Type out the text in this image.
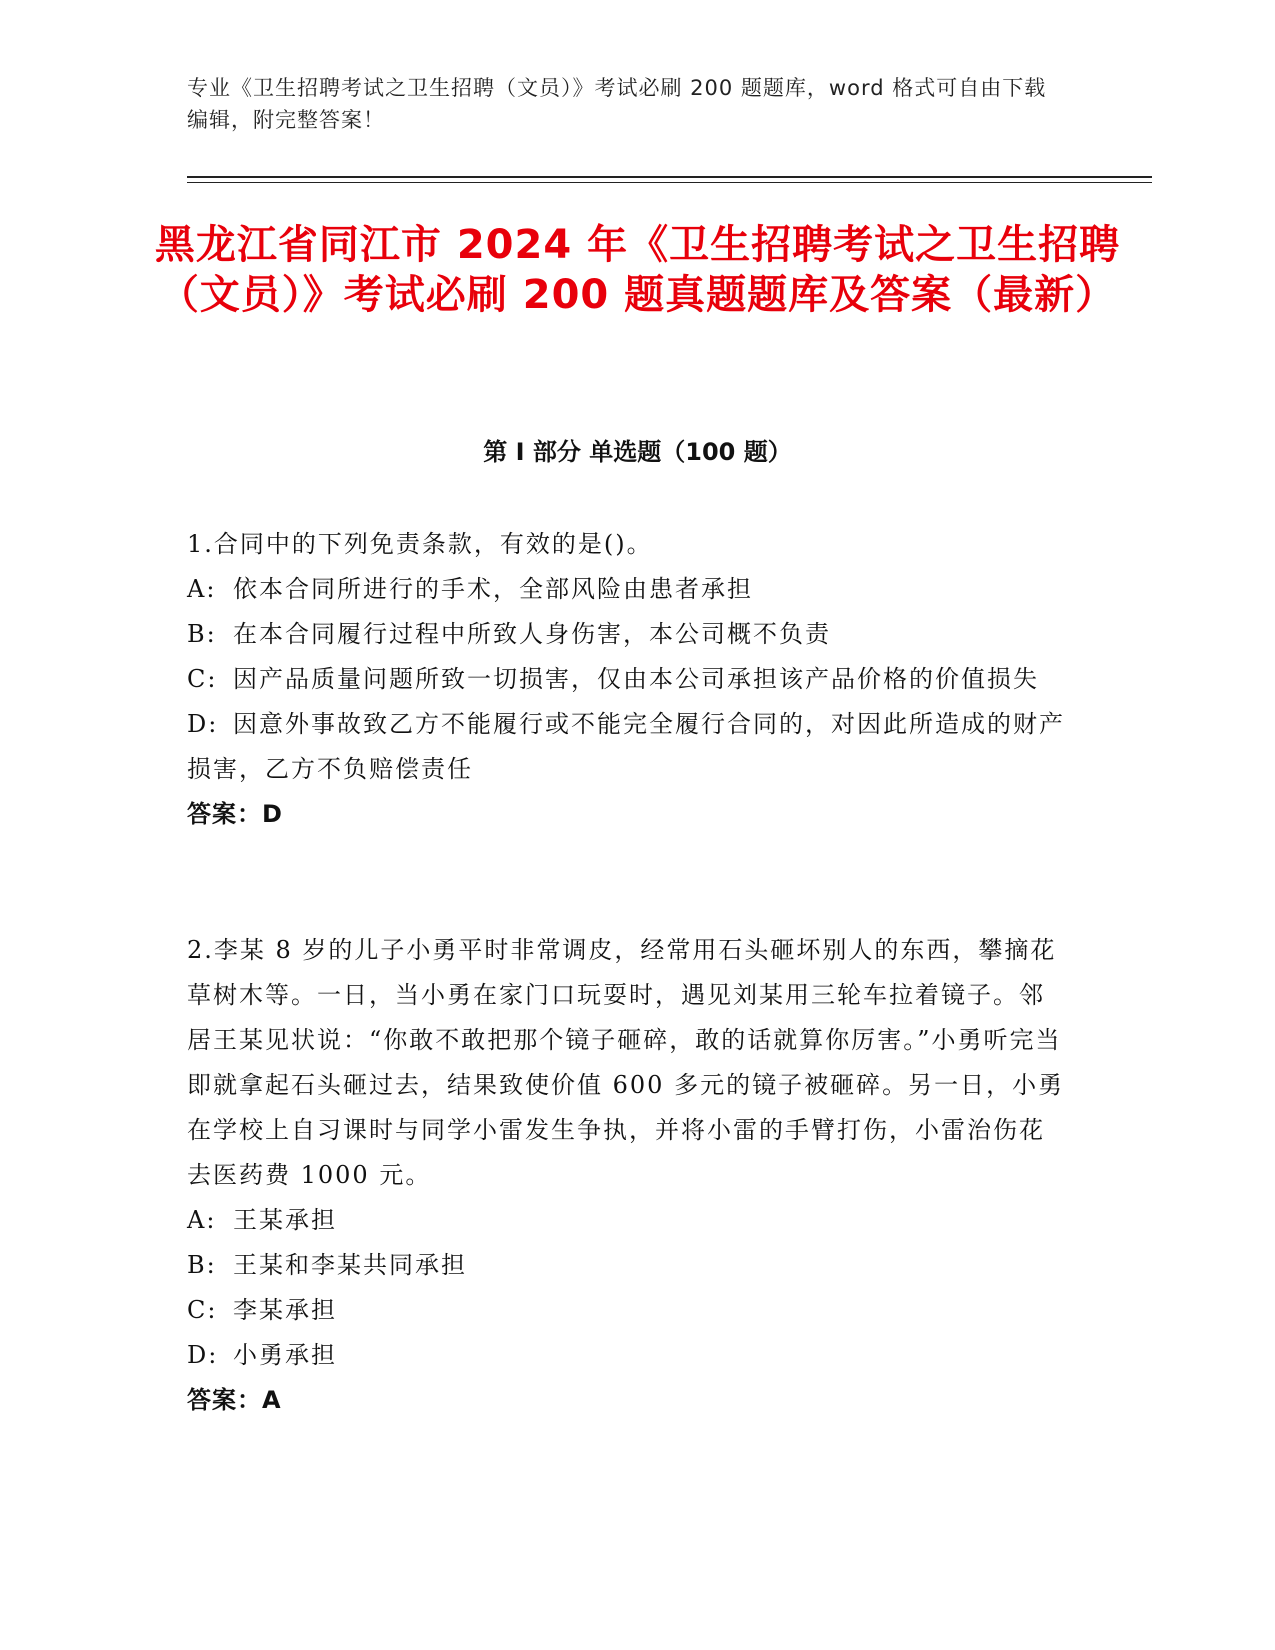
专业《卫生招聘考试之卫生招聘（文员）》考试必刷 200 题题库，word 格式可自由下载编辑，附完整答案！
黑龙江省同江市 2024 年《卫生招聘考试之卫生招聘（文员）》考试必刷 200 题真题题库及答案（最新）
第 I 部分 单选题（100 题）
1.合同中的下列免责条款，有效的是()。
A: 依本合同所进行的手术，全部风险由患者承担
B: 在本合同履行过程中所致人身伤害，本公司概不负责
C: 因产品质量问题所致一切损害，仅由本公司承担该产品价格的价值损失
D: 因意外事故致乙方不能履行或不能完全履行合同的，对因此所造成的财产损害，乙方不负赔偿责任
答案：D
2.李某 8 岁的儿子小勇平时非常调皮，经常用石头砸坏别人的东西，攀摘花草树木等。一日，当小勇在家门口玩耍时，遇见刘某用三轮车拉着镜子。邻居王某见状说：“你敢不敢把那个镜子砸碎，敢的话就算你厉害。”小勇听完当即就拿起石头砸过去，结果致使价值 600 多元的镜子被砸碎。另一日，小勇在学校上自习课时与同学小雷发生争执，并将小雷的手臂打伤，小雷治伤花去医药费 1000 元。
A: 王某承担
B: 王某和李某共同承担
C: 李某承担
D: 小勇承担
答案：A
